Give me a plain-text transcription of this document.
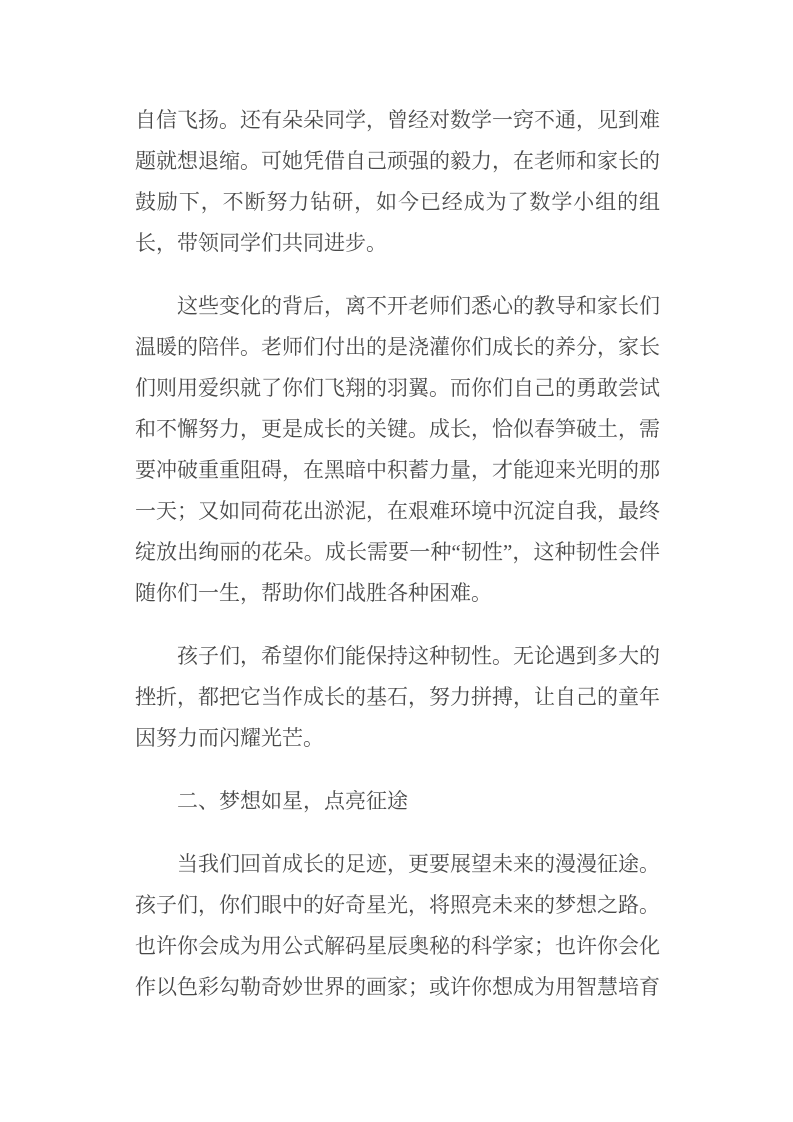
自信飞扬。还有朵朵同学，曾经对数学一窍不通，见到难题就想退缩。可她凭借自己顽强的毅力，在老师和家长的鼓励下，不断努力钻研，如今已经成为了数学小组的组长，带领同学们共同进步。

这些变化的背后，离不开老师们悉心的教导和家长们温暖的陪伴。老师们付出的是浇灌你们成长的养分，家长们则用爱织就了你们飞翔的羽翼。而你们自己的勇敢尝试和不懈努力，更是成长的关键。成长，恰似春笋破土，需要冲破重重阻碍，在黑暗中积蓄力量，才能迎来光明的那一天；又如同荷花出淤泥，在艰难环境中沉淀自我，最终绽放出绚丽的花朵。成长需要一种“韧性”，这种韧性会伴随你们一生，帮助你们战胜各种困难。

孩子们，希望你们能保持这种韧性。无论遇到多大的挫折，都把它当作成长的基石，努力拼搏，让自己的童年因努力而闪耀光芒。

二、梦想如星，点亮征途

当我们回首成长的足迹，更要展望未来的漫漫征途。孩子们，你们眼中的好奇星光，将照亮未来的梦想之路。也许你会成为用公式解码星辰奥秘的科学家；也许你会化作以色彩勾勒奇妙世界的画家；或许你想成为用智慧培育
